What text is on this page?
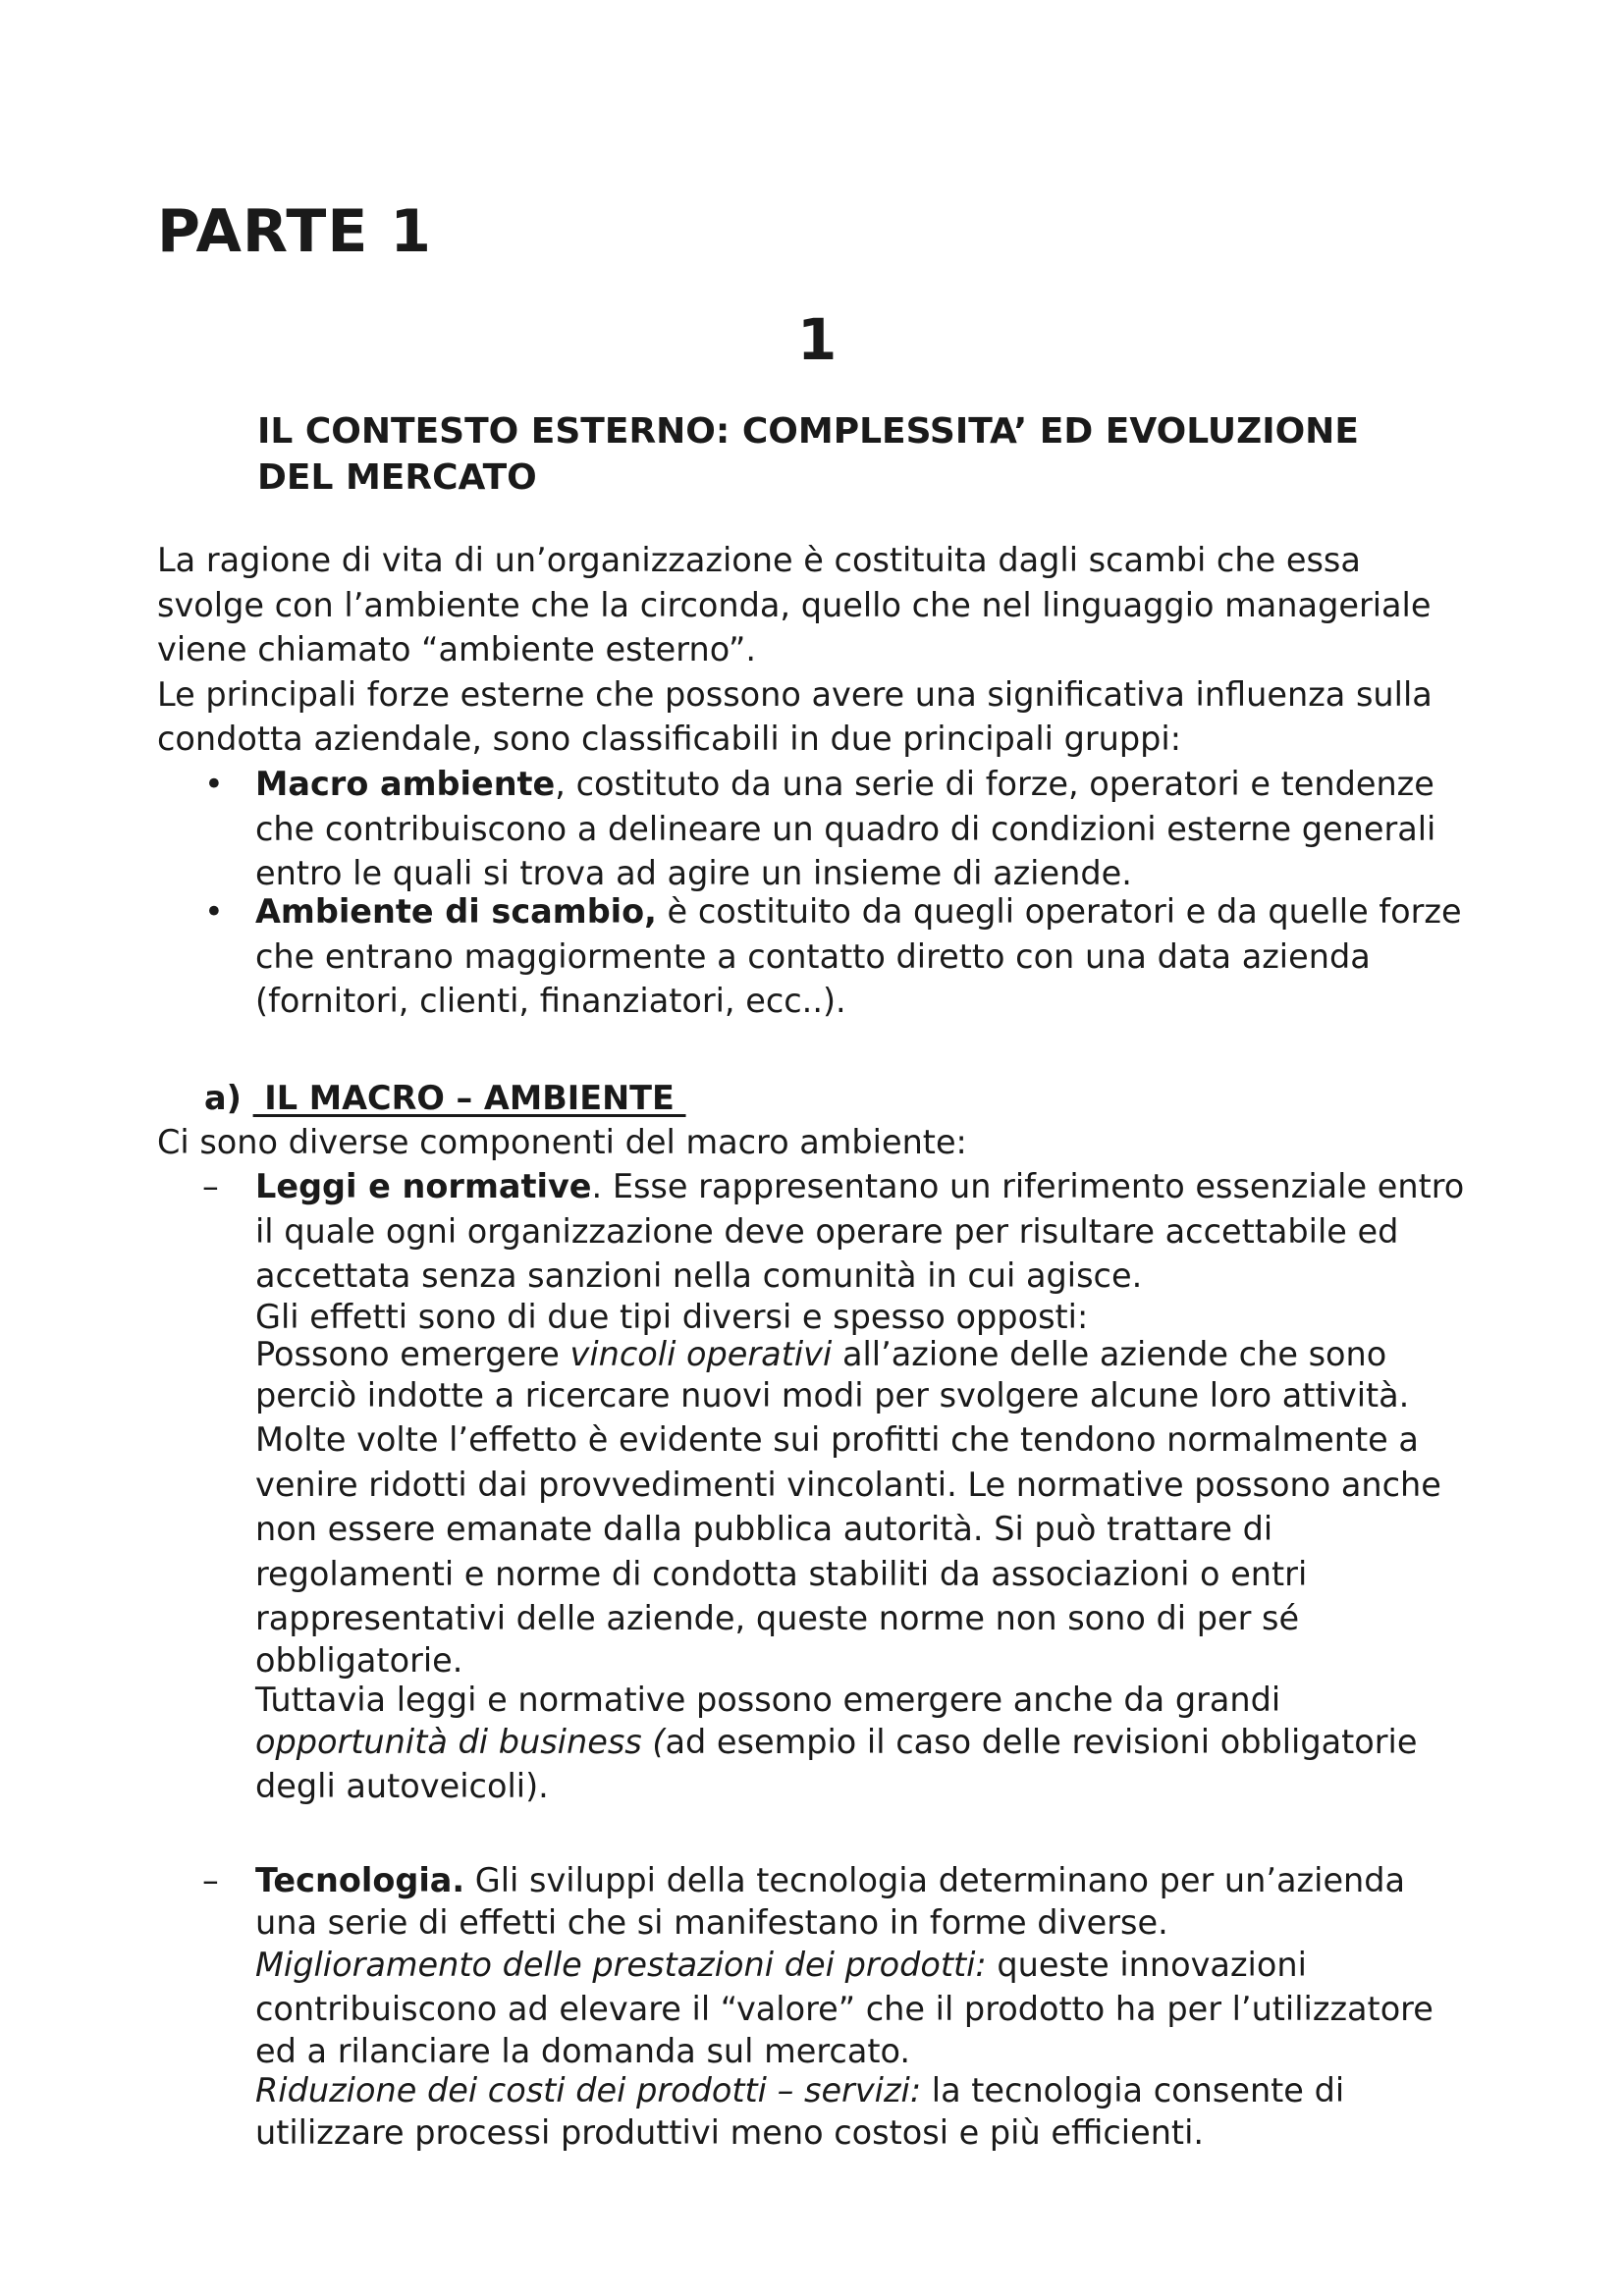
PARTE 1
1
IL CONTESTO ESTERNO: COMPLESSITA’ ED EVOLUZIONE
DEL MERCATO
La ragione di vita di un’organizzazione è costituita dagli scambi che essa
svolge con l’ambiente che la circonda, quello che nel linguaggio manageriale
viene chiamato “ambiente esterno”.
Le principali forze esterne che possono avere una significativa influenza sulla
condotta aziendale, sono classificabili in due principali gruppi:
• Macro ambiente, costituto da una serie di forze, operatori e tendenze
che contribuiscono a delineare un quadro di condizioni esterne generali
entro le quali si trova ad agire un insieme di aziende.
• Ambiente di scambio, è costituito da quegli operatori e da quelle forze
che entrano maggiormente a contatto diretto con una data azienda
(fornitori, clienti, finanziatori, ecc..).
a)  IL MACRO – AMBIENTE
Ci sono diverse componenti del macro ambiente:
– Leggi e normative. Esse rappresentano un riferimento essenziale entro
il quale ogni organizzazione deve operare per risultare accettabile ed
accettata senza sanzioni nella comunità in cui agisce.
Gli effetti sono di due tipi diversi e spesso opposti:
Possono emergere vincoli operativi all’azione delle aziende che sono
perciò indotte a ricercare nuovi modi per svolgere alcune loro attività.
Molte volte l’effetto è evidente sui profitti che tendono normalmente a
venire ridotti dai provvedimenti vincolanti. Le normative possono anche
non essere emanate dalla pubblica autorità. Si può trattare di
regolamenti e norme di condotta stabiliti da associazioni o entri
rappresentativi delle aziende, queste norme non sono di per sé
obbligatorie.
Tuttavia leggi e normative possono emergere anche da grandi
opportunità di business (ad esempio il caso delle revisioni obbligatorie
degli autoveicoli).
– Tecnologia. Gli sviluppi della tecnologia determinano per un’azienda
una serie di effetti che si manifestano in forme diverse.
Miglioramento delle prestazioni dei prodotti: queste innovazioni
contribuiscono ad elevare il “valore” che il prodotto ha per l’utilizzatore
ed a rilanciare la domanda sul mercato.
Riduzione dei costi dei prodotti – servizi: la tecnologia consente di
utilizzare processi produttivi meno costosi e più efficienti.
